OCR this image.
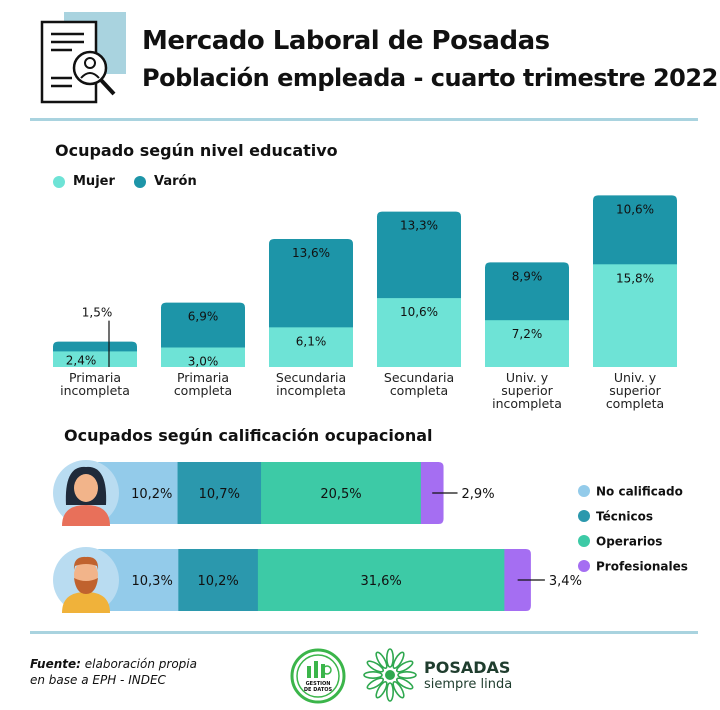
Mercado Laboral de Posadas
Población empleada - cuarto trimestre 2022
Ocupado según nivel educativo
Mujer	Varón
2,4%
1,5%
Primaria
incompleta
3,0%
6,9%
Primaria
completa
6,1%
13,6%
Secundaria
incompleta
10,6%
13,3%
Secundaria
completa
7,2%
8,9%
Univ. y
superior
incompleta
15,8%
10,6%
Univ. y
superior
completa
Ocupados según calificación ocupacional
10,2% 10,7%	20,5%	2,9%
10,3% 10,2%	31,6%	3,4%
No calificado
Técnicos
Operarios
Profesionales
Fuente: elaboración propia
en base a EPH - INDEC	GESTION
DE DATOS
POSADAS
siempre linda
